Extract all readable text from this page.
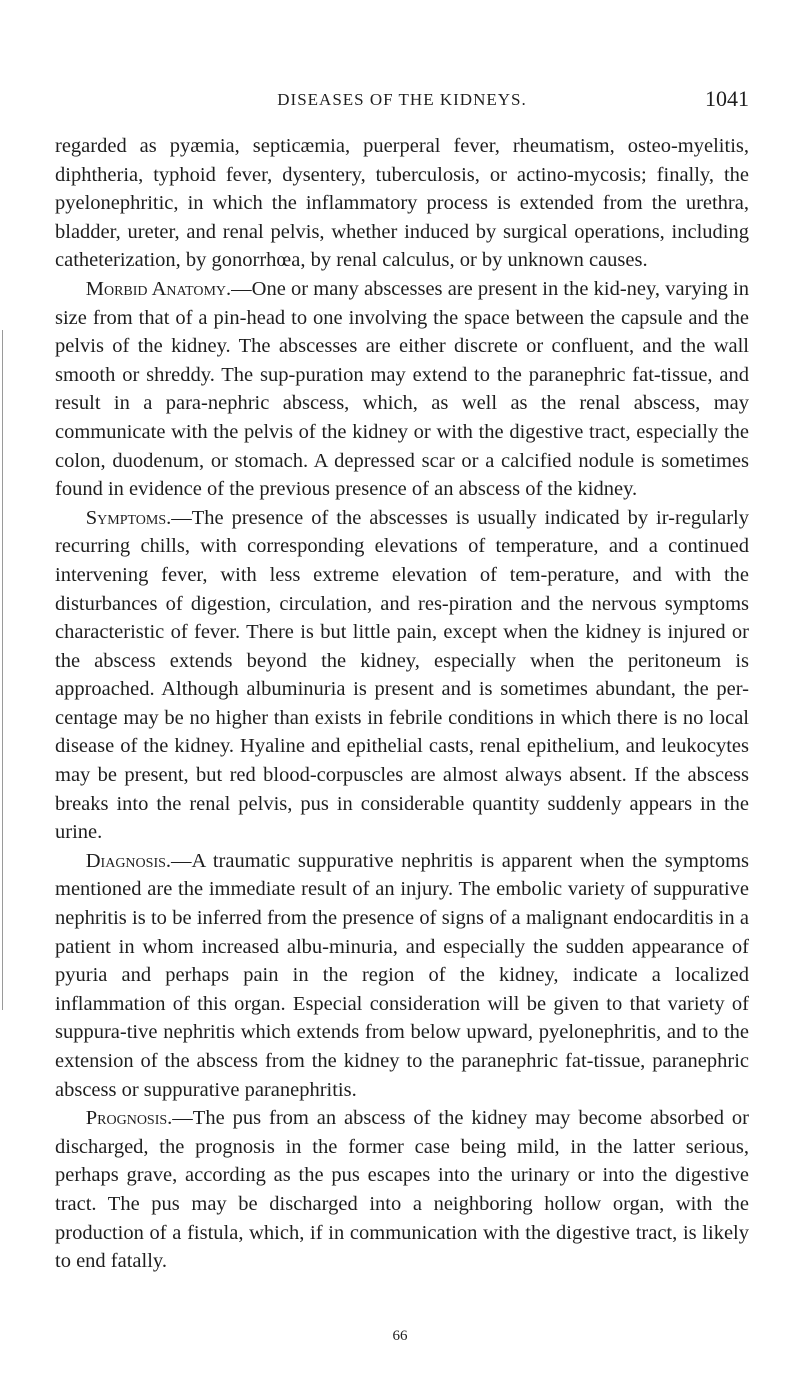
DISEASES OF THE KIDNEYS.	1041

regarded as pyæmia, septicæmia, puerperal fever, rheumatism, osteo-myelitis, diphtheria, typhoid fever, dysentery, tuberculosis, or actino-mycosis; finally, the pyelonephritic, in which the inflammatory process is extended from the urethra, bladder, ureter, and renal pelvis, whether induced by surgical operations, including catheterization, by gonorrhœa, by renal calculus, or by unknown causes.

Morbid Anatomy.—One or many abscesses are present in the kid-ney, varying in size from that of a pin-head to one involving the space between the capsule and the pelvis of the kidney. The abscesses are either discrete or confluent, and the wall smooth or shreddy. The sup-puration may extend to the paranephric fat-tissue, and result in a para-nephric abscess, which, as well as the renal abscess, may communicate with the pelvis of the kidney or with the digestive tract, especially the colon, duodenum, or stomach. A depressed scar or a calcified nodule is sometimes found in evidence of the previous presence of an abscess of the kidney.

Symptoms.—The presence of the abscesses is usually indicated by ir-regularly recurring chills, with corresponding elevations of temperature, and a continued intervening fever, with less extreme elevation of tem-perature, and with the disturbances of digestion, circulation, and res-piration and the nervous symptoms characteristic of fever. There is but little pain, except when the kidney is injured or the abscess extends beyond the kidney, especially when the peritoneum is approached. Although albuminuria is present and is sometimes abundant, the per-centage may be no higher than exists in febrile conditions in which there is no local disease of the kidney. Hyaline and epithelial casts, renal epithelium, and leukocytes may be present, but red blood-corpuscles are almost always absent. If the abscess breaks into the renal pelvis, pus in considerable quantity suddenly appears in the urine.

Diagnosis.—A traumatic suppurative nephritis is apparent when the symptoms mentioned are the immediate result of an injury. The embolic variety of suppurative nephritis is to be inferred from the presence of signs of a malignant endocarditis in a patient in whom increased albu-minuria, and especially the sudden appearance of pyuria and perhaps pain in the region of the kidney, indicate a localized inflammation of this organ. Especial consideration will be given to that variety of suppura-tive nephritis which extends from below upward, pyelonephritis, and to the extension of the abscess from the kidney to the paranephric fat-tissue, paranephric abscess or suppurative paranephritis.

Prognosis.—The pus from an abscess of the kidney may become absorbed or discharged, the prognosis in the former case being mild, in the latter serious, perhaps grave, according as the pus escapes into the urinary or into the digestive tract. The pus may be discharged into a neighboring hollow organ, with the production of a fistula, which, if in communication with the digestive tract, is likely to end fatally.

66
